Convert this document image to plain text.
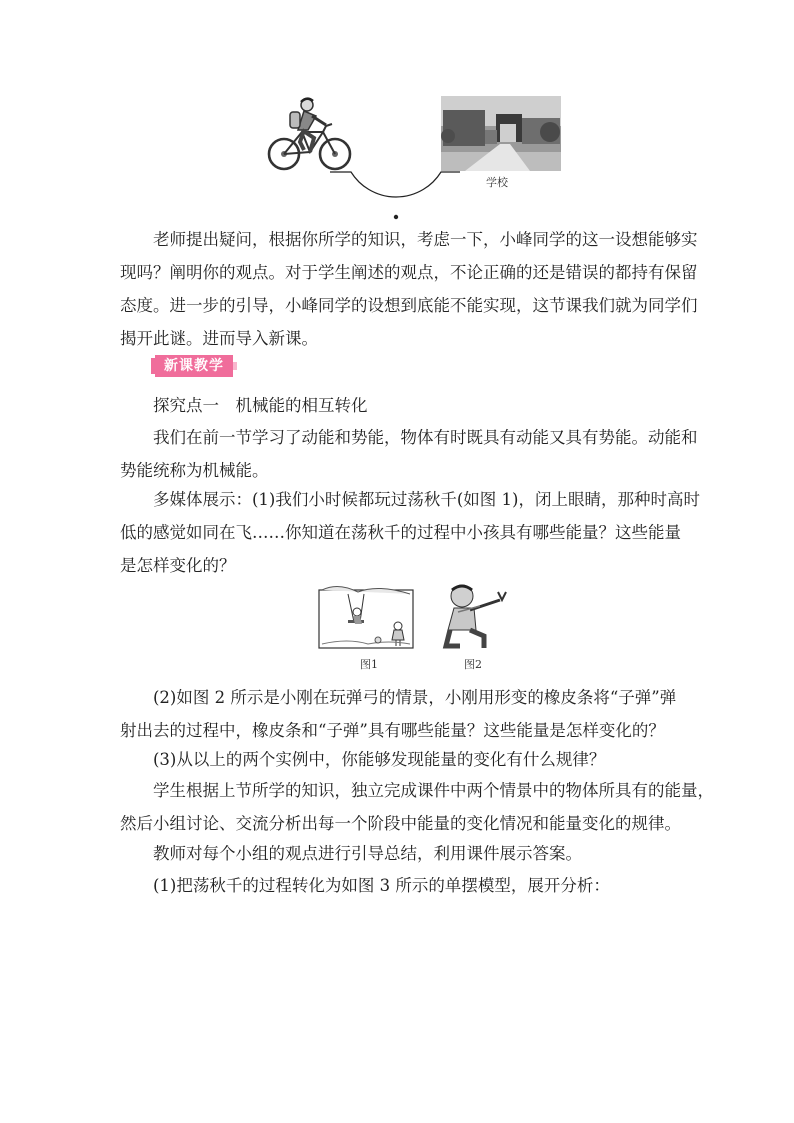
学校
老师提出疑问，根据你所学的知识，考虑一下，小峰同学的这一设想能够实
现吗？阐明你的观点。对于学生阐述的观点，不论正确的还是错误的都持有保留
态度。进一步的引导，小峰同学的设想到底能不能实现，这节课我们就为同学们
揭开此谜。进而导入新课。
新课教学
探究点一　机械能的相互转化
我们在前一节学习了动能和势能，物体有时既具有动能又具有势能。动能和
势能统称为机械能。
多媒体展示：(1)我们小时候都玩过荡秋千(如图 1)，闭上眼睛，那种时高时
低的感觉如同在飞……你知道在荡秋千的过程中小孩具有哪些能量？这些能量
是怎样变化的？
图1	图2
(2)如图 2 所示是小刚在玩弹弓的情景，小刚用形变的橡皮条将“子弹”弹
射出去的过程中，橡皮条和“子弹”具有哪些能量？这些能量是怎样变化的？
(3)从以上的两个实例中，你能够发现能量的变化有什么规律？
学生根据上节所学的知识，独立完成课件中两个情景中的物体所具有的能量，
然后小组讨论、交流分析出每一个阶段中能量的变化情况和能量变化的规律。
教师对每个小组的观点进行引导总结，利用课件展示答案。
(1)把荡秋千的过程转化为如图 3 所示的单摆模型，展开分析：
